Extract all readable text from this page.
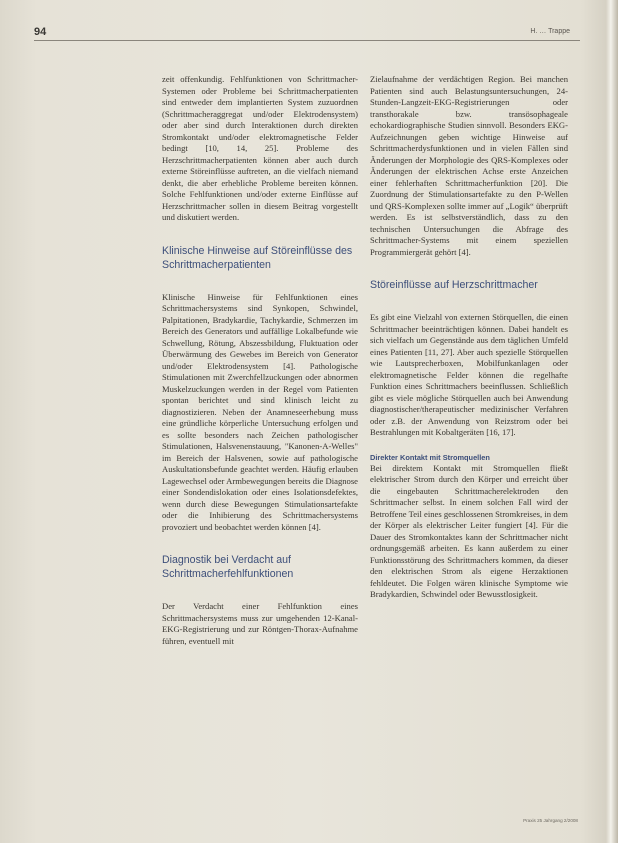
94	H. … Trappe

zeit offenkundig. Fehlfunktionen von Schrittmacher-Systemen oder Probleme bei Schrittmacherpatienten sind entweder dem implantierten System zuzuordnen (Schrittmacheraggregat und/oder Elektrodensystem) oder aber sind durch Interaktionen durch direkten Stromkontakt und/oder elektromagnetische Felder bedingt [10, 14, 25]. Probleme des Herzschrittmacherpatienten können aber auch durch externe Störeinflüsse auftreten, an die vielfach niemand denkt, die aber erhebliche Probleme bereiten können. Solche Fehlfunktionen und/oder externe Einflüsse auf Herzschrittmacher sollen in diesem Beitrag vorgestellt und diskutiert werden.

Klinische Hinweise auf Störeinflüsse des Schrittmacherpatienten

Klinische Hinweise für Fehlfunktionen eines Schrittmachersystems sind Synkopen, Schwindel, Palpitationen, Bradykardie, Tachykardie, Schmerzen im Bereich des Generators und auffällige Lokalbefunde wie Schwellung, Rötung, Abszessbildung, Fluktuation oder Überwärmung des Gewebes im Bereich von Generator und/oder Elektrodensystem [4]. Pathologische Stimulationen mit Zwerchfellzuckungen oder abnormen Muskelzuckungen werden in der Regel vom Patienten spontan berichtet und sind klinisch leicht zu diagnostizieren. Neben der Anamneseerhebung muss eine gründliche körperliche Untersuchung erfolgen und es sollte besonders nach Zeichen pathologischer Stimulationen, Halsvenenstauung, "Kanonen-A-Welles" im Bereich der Halsvenen, sowie auf pathologische Auskultationsbefunde geachtet werden. Häufig erlauben Lagewechsel oder Armbewegungen bereits die Diagnose einer Sondendislokation oder eines Isolationsdefektes, wenn durch diese Bewegungen Stimulationsartefakte oder die Inhibierung des Schrittmachersystems provoziert und beobachtet werden können [4].

Diagnostik bei Verdacht auf Schrittmacherfehlfunktionen

Der Verdacht einer Fehlfunktion eines Schrittmachersystems muss zur umgehenden 12-Kanal-EKG-Registrierung und zur Röntgen-Thorax-Aufnahme führen, eventuell mit

Zielaufnahme der verdächtigen Region. Bei manchen Patienten sind auch Belastungsuntersuchungen, 24-Stunden-Langzeit-EKG-Registrierungen oder transthorakale bzw. transösophageale echokardiographische Studien sinnvoll. Besonders EKG-Aufzeichnungen geben wichtige Hinweise auf Schrittmacherdysfunktionen und in vielen Fällen sind Änderungen der Morphologie des QRS-Komplexes oder Änderungen der elektrischen Achse erste Anzeichen einer fehlerhaften Schrittmacherfunktion [20]. Die Zuordnung der Stimulationsartefakte zu den P-Wellen und QRS-Komplexen sollte immer auf „Logik“ überprüft werden. Es ist selbstverständlich, dass zu den technischen Untersuchungen die Abfrage des Schrittmacher-Systems mit einem speziellen Programmiergerät gehört [4].

Störeinflüsse auf Herzschrittmacher

Es gibt eine Vielzahl von externen Störquellen, die einen Schrittmacher beeinträchtigen können. Dabei handelt es sich vielfach um Gegenstände aus dem täglichen Umfeld eines Patienten [11, 27]. Aber auch spezielle Störquellen wie Lautsprecherboxen, Mobilfunkanlagen oder elektromagnetische Felder können die regelhafte Funktion eines Schrittmachers beeinflussen. Schließlich gibt es viele mögliche Störquellen auch bei Anwendung diagnostischer/therapeutischer medizinischer Verfahren oder z.B. der Anwendung von Reizstrom oder bei Bestrahlungen mit Kobaltgeräten [16, 17].

Direkter Kontakt mit Stromquellen

Bei direktem Kontakt mit Stromquellen fließt elektrischer Strom durch den Körper und erreicht über die eingebauten Schrittmacherelektroden den Schrittmacher selbst. In einem solchen Fall wird der Betroffene Teil eines geschlossenen Stromkreises, in dem der Körper als elektrischer Leiter fungiert [4]. Für die Dauer des Stromkontaktes kann der Schrittmacher nicht ordnungsgemäß arbeiten. Es kann außerdem zu einer Funktionsstörung des Schrittmachers kommen, da dieser den elektrischen Strom als eigene Herzaktionen fehldeutet. Die Folgen wären klinische Symptome wie Bradykardien, Schwindel oder Bewusstlosigkeit.

Praxis 25 Jahrgang 2/2008
